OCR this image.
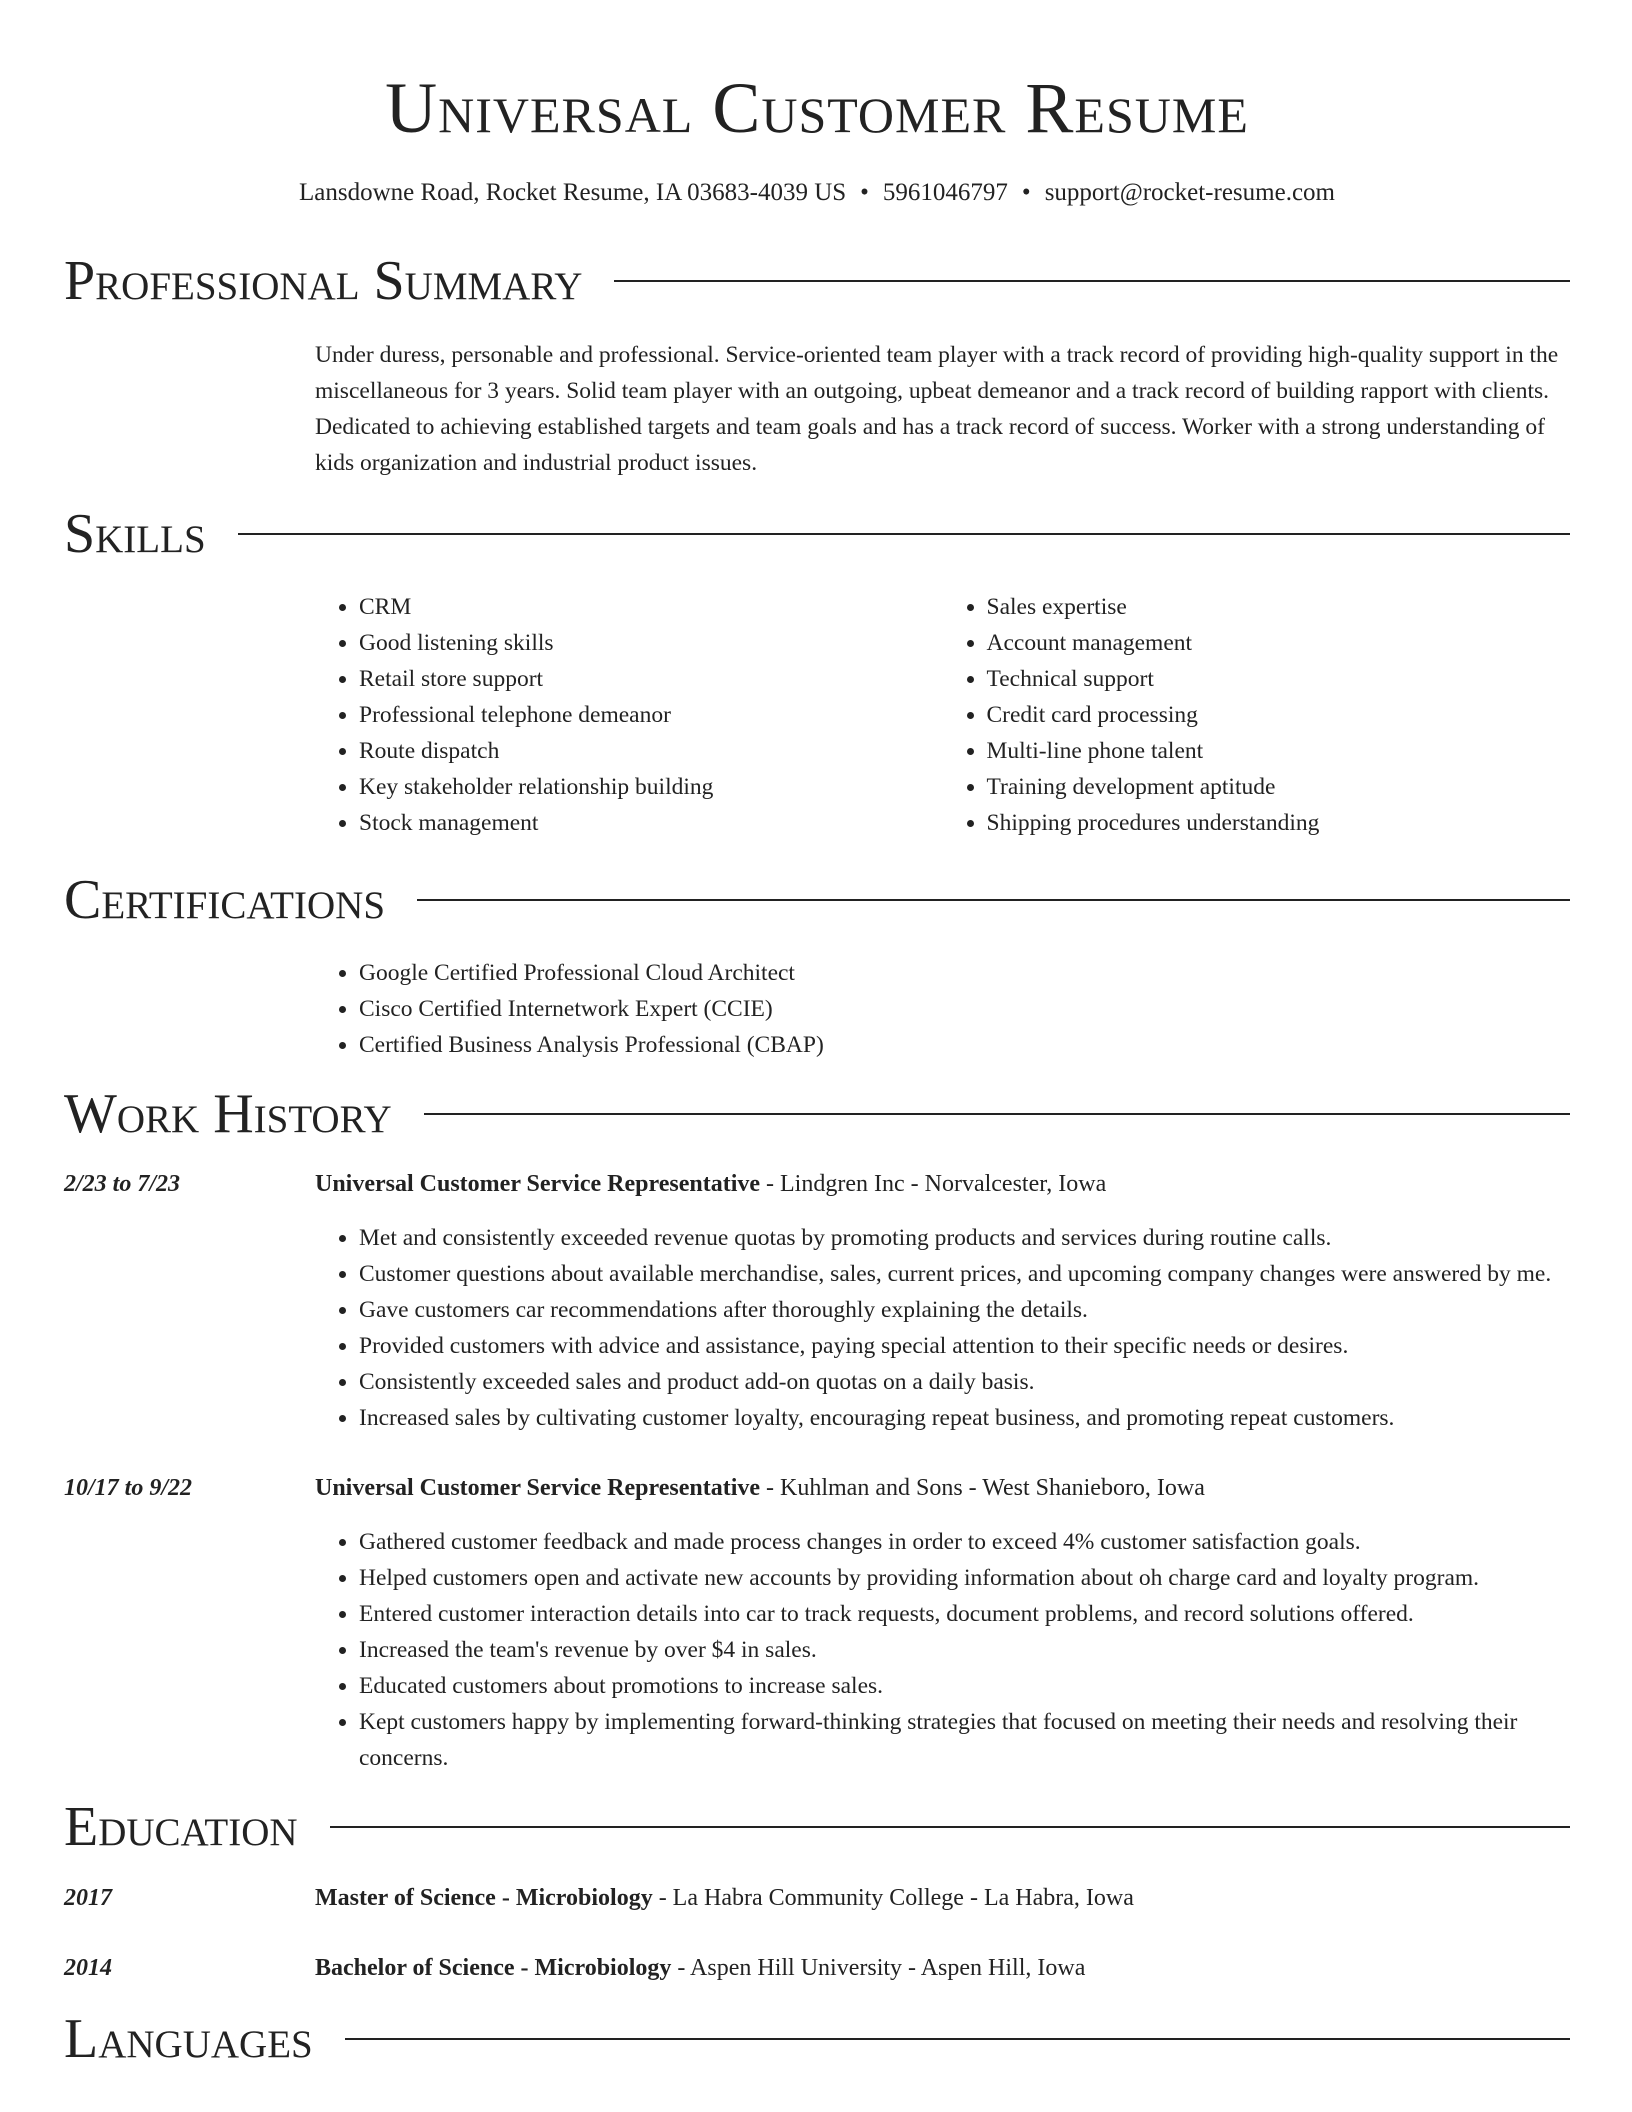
Universal Customer Resume
Lansdowne Road, Rocket Resume, IA 03683-4039 US • 5961046797 • support@rocket-resume.com
Professional Summary
Under duress, personable and professional. Service-oriented team player with a track record of providing high-quality support in the miscellaneous for 3 years. Solid team player with an outgoing, upbeat demeanor and a track record of building rapport with clients. Dedicated to achieving established targets and team goals and has a track record of success. Worker with a strong understanding of kids organization and industrial product issues.
Skills
• CRM
• Good listening skills
• Retail store support
• Professional telephone demeanor
• Route dispatch
• Key stakeholder relationship building
• Stock management
• Sales expertise
• Account management
• Technical support
• Credit card processing
• Multi-line phone talent
• Training development aptitude
• Shipping procedures understanding
Certifications
• Google Certified Professional Cloud Architect
• Cisco Certified Internetwork Expert (CCIE)
• Certified Business Analysis Professional (CBAP)
Work History
2/23 to 7/23	Universal Customer Service Representative - Lindgren Inc - Norvalcester, Iowa
• Met and consistently exceeded revenue quotas by promoting products and services during routine calls.
• Customer questions about available merchandise, sales, current prices, and upcoming company changes were answered by me.
• Gave customers car recommendations after thoroughly explaining the details.
• Provided customers with advice and assistance, paying special attention to their specific needs or desires.
• Consistently exceeded sales and product add-on quotas on a daily basis.
• Increased sales by cultivating customer loyalty, encouraging repeat business, and promoting repeat customers.
10/17 to 9/22	Universal Customer Service Representative - Kuhlman and Sons - West Shanieboro, Iowa
• Gathered customer feedback and made process changes in order to exceed 4% customer satisfaction goals.
• Helped customers open and activate new accounts by providing information about oh charge card and loyalty program.
• Entered customer interaction details into car to track requests, document problems, and record solutions offered.
• Increased the team's revenue by over $4 in sales.
• Educated customers about promotions to increase sales.
• Kept customers happy by implementing forward-thinking strategies that focused on meeting their needs and resolving their concerns.
Education
2017	Master of Science - Microbiology - La Habra Community College - La Habra, Iowa
2014	Bachelor of Science - Microbiology - Aspen Hill University - Aspen Hill, Iowa
Languages
